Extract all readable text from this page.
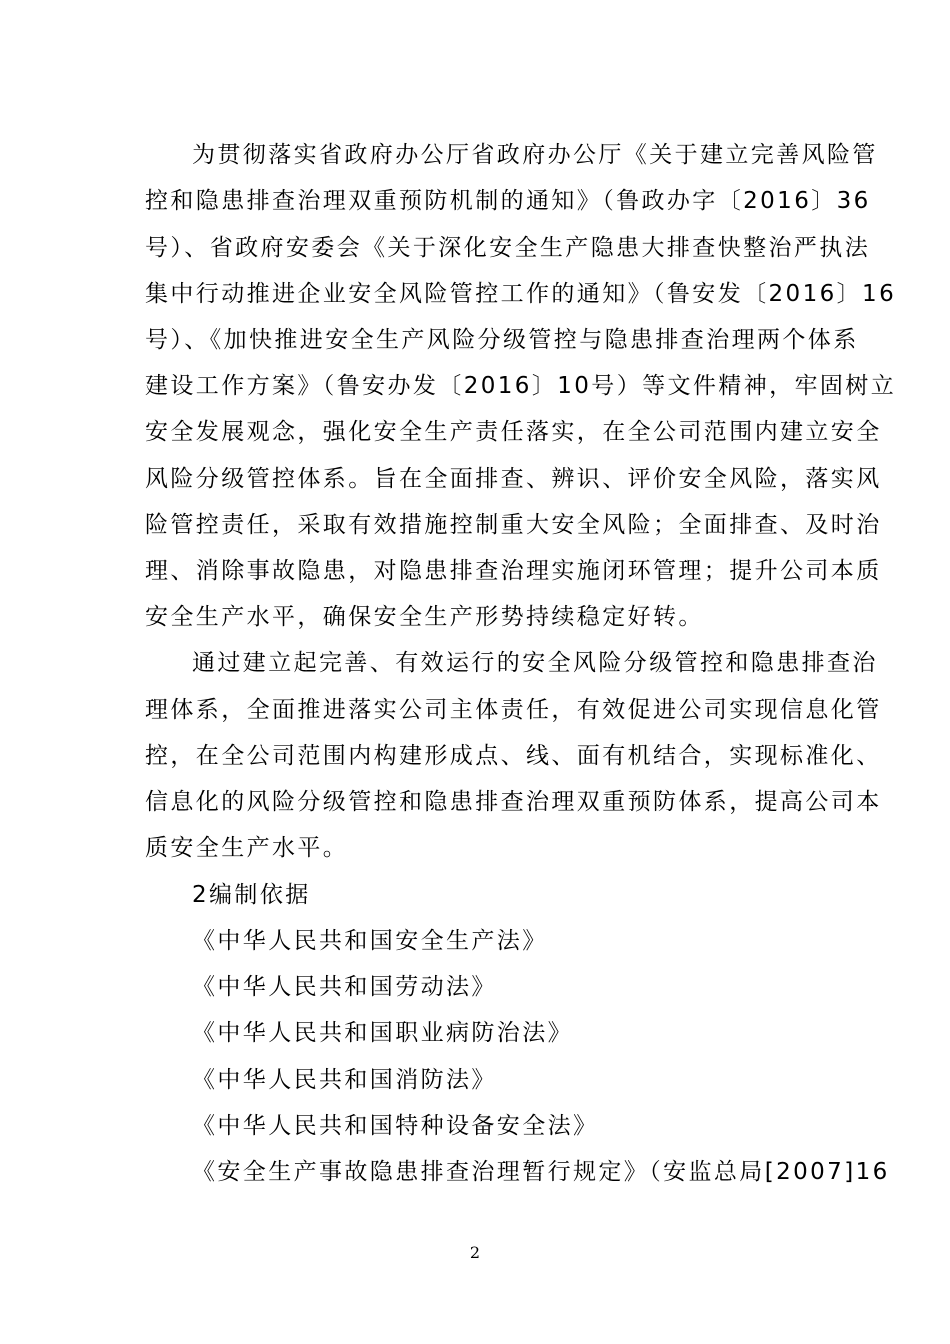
为贯彻落实省政府办公厅省政府办公厅《关于建立完善风险管
控和隐患排查治理双重预防机制的通知》（鲁政办字〔2016〕36
号）、省政府安委会《关于深化安全生产隐患大排查快整治严执法
集中行动推进企业安全风险管控工作的通知》（鲁安发〔2016〕16
号）、《加快推进安全生产风险分级管控与隐患排查治理两个体系
建设工作方案》（鲁安办发〔2016〕10号）等文件精神，牢固树立
安全发展观念，强化安全生产责任落实，在全公司范围内建立安全
风险分级管控体系。旨在全面排查、辨识、评价安全风险，落实风
险管控责任，采取有效措施控制重大安全风险；全面排查、及时治
理、消除事故隐患，对隐患排查治理实施闭环管理；提升公司本质
安全生产水平，确保安全生产形势持续稳定好转。
通过建立起完善、有效运行的安全风险分级管控和隐患排查治
理体系，全面推进落实公司主体责任，有效促进公司实现信息化管
控，在全公司范围内构建形成点、线、面有机结合，实现标准化、
信息化的风险分级管控和隐患排查治理双重预防体系，提高公司本
质安全生产水平。
2编制依据
《中华人民共和国安全生产法》
《中华人民共和国劳动法》
《中华人民共和国职业病防治法》
《中华人民共和国消防法》
《中华人民共和国特种设备安全法》
《安全生产事故隐患排查治理暂行规定》（安监总局[2007]16
2
